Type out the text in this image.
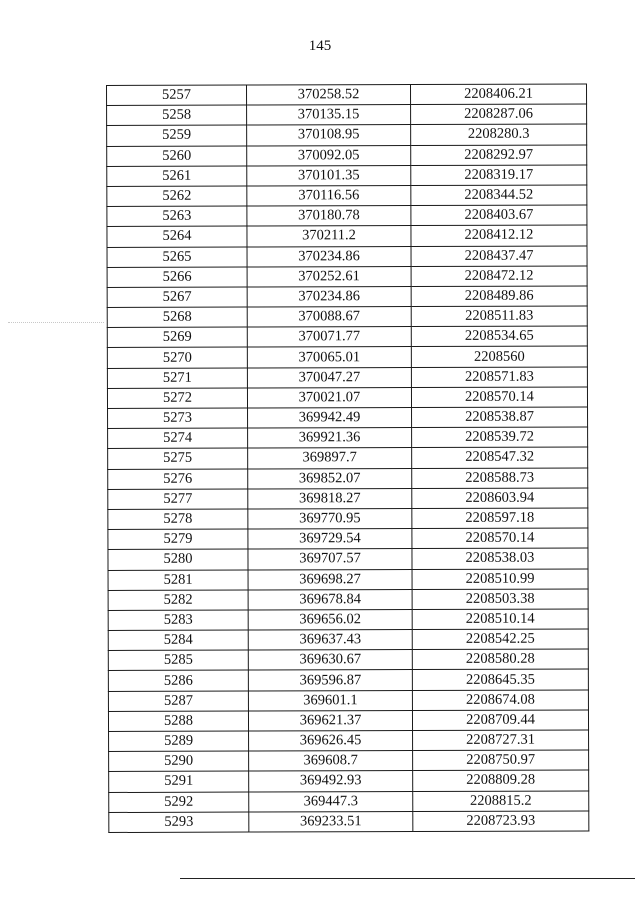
145
5257	370258.52	2208406.21
5258	370135.15	2208287.06
5259	370108.95	2208280.3
5260	370092.05	2208292.97
5261	370101.35	2208319.17
5262	370116.56	2208344.52
5263	370180.78	2208403.67
5264	370211.2	2208412.12
5265	370234.86	2208437.47
5266	370252.61	2208472.12
5267	370234.86	2208489.86
5268	370088.67	2208511.83
5269	370071.77	2208534.65
5270	370065.01	2208560
5271	370047.27	2208571.83
5272	370021.07	2208570.14
5273	369942.49	2208538.87
5274	369921.36	2208539.72
5275	369897.7	2208547.32
5276	369852.07	2208588.73
5277	369818.27	2208603.94
5278	369770.95	2208597.18
5279	369729.54	2208570.14
5280	369707.57	2208538.03
5281	369698.27	2208510.99
5282	369678.84	2208503.38
5283	369656.02	2208510.14
5284	369637.43	2208542.25
5285	369630.67	2208580.28
5286	369596.87	2208645.35
5287	369601.1	2208674.08
5288	369621.37	2208709.44
5289	369626.45	2208727.31
5290	369608.7	2208750.97
5291	369492.93	2208809.28
5292	369447.3	2208815.2
5293	369233.51	2208723.93
